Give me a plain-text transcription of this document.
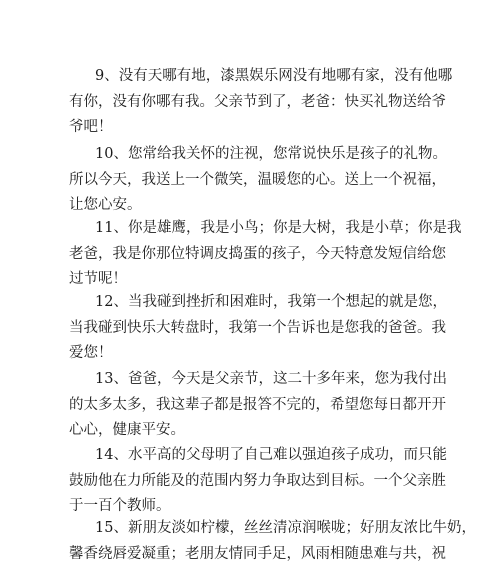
9、没有天哪有地，漆黑娱乐网没有地哪有家，没有他哪
有你，没有你哪有我。父亲节到了，老爸：快买礼物送给爷
爷吧！
10、您常给我关怀的注视，您常说快乐是孩子的礼物。
所以今天，我送上一个微笑，温暖您的心。送上一个祝福，
让您心安。
11、你是雄鹰，我是小鸟；你是大树，我是小草；你是我
老爸，我是你那位特调皮捣蛋的孩子，今天特意发短信给您
过节呢！
12、当我碰到挫折和困难时，我第一个想起的就是您，
当我碰到快乐大转盘时，我第一个告诉也是您我的爸爸。我
爱您！
13、爸爸，今天是父亲节，这二十多年来，您为我付出
的太多太多，我这辈子都是报答不完的，希望您每日都开开
心心，健康平安。
14、水平高的父母明了自己难以强迫孩子成功，而只能
鼓励他在力所能及的范围内努力争取达到目标。一个父亲胜
于一百个教师。
15、新朋友淡如柠檬，丝丝清凉润喉咙；好朋友浓比牛奶，
馨香绕唇爱凝重；老朋友情同手足，风雨相随患难与共，祝
